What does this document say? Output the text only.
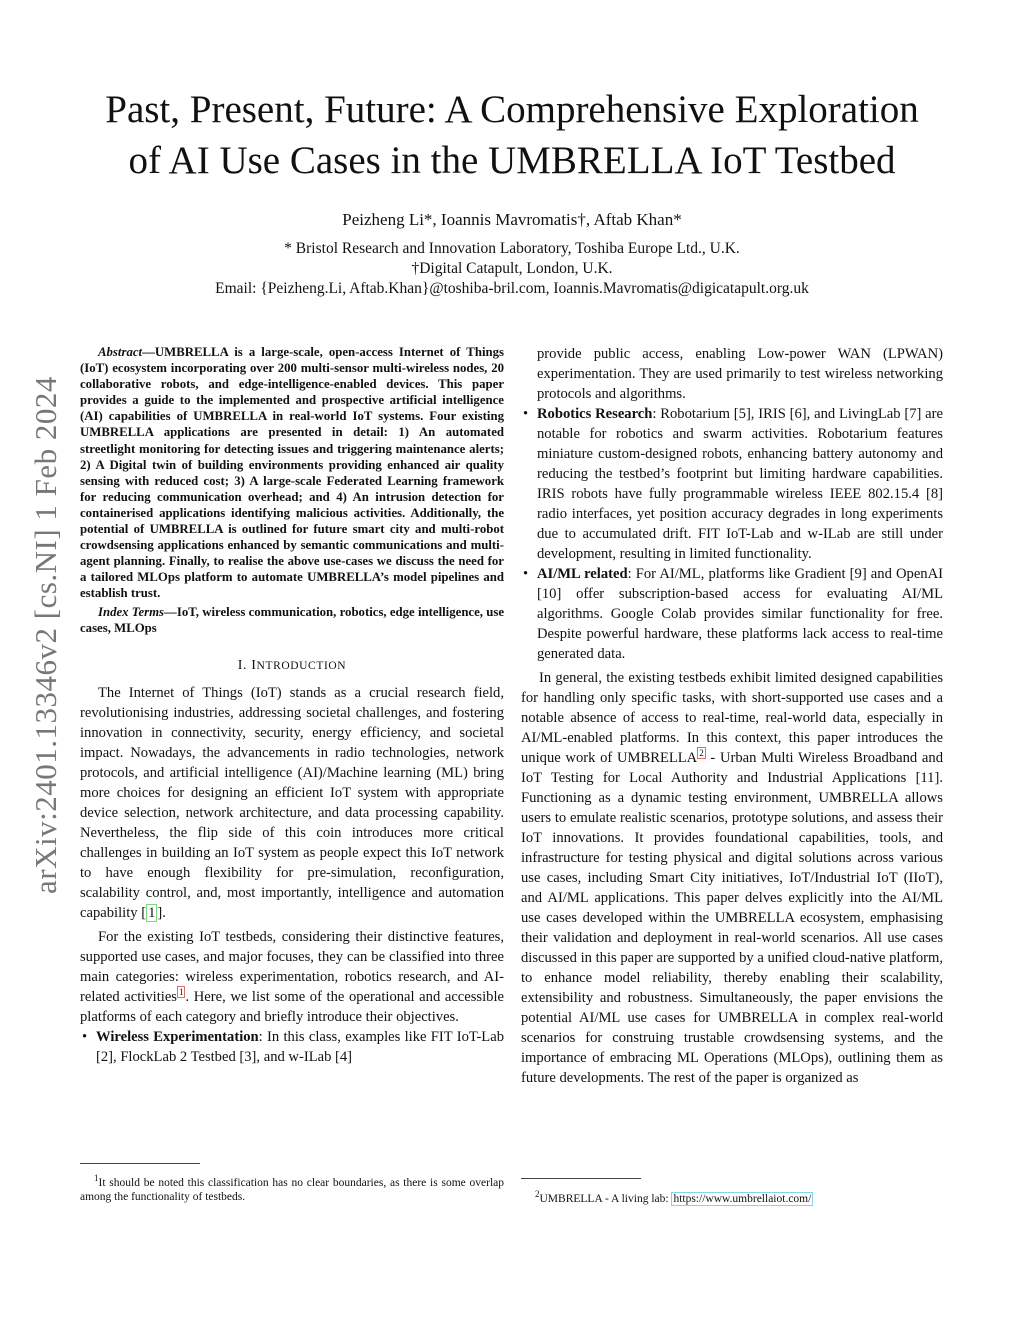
arXiv:2401.13346v2 [cs.NI] 1 Feb 2024
Past, Present, Future: A Comprehensive Exploration
of AI Use Cases in the UMBRELLA IoT Testbed
Peizheng Li*, Ioannis Mavromatis†, Aftab Khan*
* Bristol Research and Innovation Laboratory, Toshiba Europe Ltd., U.K.
†Digital Catapult, London, U.K.
Email: {Peizheng.Li, Aftab.Khan}@toshiba-bril.com, Ioannis.Mavromatis@digicatapult.org.uk

Abstract—UMBRELLA is a large-scale, open-access Internet of Things (IoT) ecosystem incorporating over 200 multi-sensor multi-wireless nodes, 20 collaborative robots, and edge-intelligence-enabled devices. This paper provides a guide to the implemented and prospective artificial intelligence (AI) capabilities of UMBRELLA in real-world IoT systems. Four existing UMBRELLA applications are presented in detail: 1) An automated streetlight monitoring for detecting issues and triggering maintenance alerts; 2) A Digital twin of building environments providing enhanced air quality sensing with reduced cost; 3) A large-scale Federated Learning framework for reducing communication overhead; and 4) An intrusion detection for containerised applications identifying malicious activities. Additionally, the potential of UMBRELLA is outlined for future smart city and multi-robot crowdsensing applications enhanced by semantic communications and multi-agent planning. Finally, to realise the above use-cases we discuss the need for a tailored MLOps platform to automate UMBRELLA’s model pipelines and establish trust.

Index Terms—IoT, wireless communication, robotics, edge intelligence, use cases, MLOps

I. INTRODUCTION

The Internet of Things (IoT) stands as a crucial research field, revolutionising industries, addressing societal challenges, and fostering innovation in connectivity, security, energy efficiency, and societal impact. Nowadays, the advancements in radio technologies, network protocols, and artificial intelligence (AI)/Machine learning (ML) bring more choices for designing an efficient IoT system with appropriate device selection, network architecture, and data processing capability. Nevertheless, the flip side of this coin introduces more critical challenges in building an IoT system as people expect this IoT network to have enough flexibility for pre-simulation, reconfiguration, scalability control, and, most importantly, intelligence and automation capability [ 1 ].

For the existing IoT testbeds, considering their distinctive features, supported use cases, and major focuses, they can be classified into three main categories: wireless experimentation, robotics research, and AI-related activities $^1$ . Here, we list some of the operational and accessible platforms of each category and briefly introduce their objectives.

• Wireless Experimentation: In this class, examples like FIT IoT-Lab [2], FlockLab 2 Testbed [3], and w-ILab [4]
$^1$It should be noted this classification has no clear boundaries, as there is some overlap among the functionality of testbeds.

provide public access, enabling Low-power WAN (LPWAN) experimentation. They are used primarily to test wireless networking protocols and algorithms.

• Robotics Research: Robotarium [5], IRIS [6], and LivingLab [7] are notable for robotics and swarm activities. Robotarium features miniature custom-designed robots, enhancing battery autonomy and reducing the testbed’s footprint but limiting hardware capabilities. IRIS robots have fully programmable wireless IEEE 802.15.4 [8] radio interfaces, yet position accuracy degrades in long experiments due to accumulated drift. FIT IoT-Lab and w-ILab are still under development, resulting in limited functionality.
• AI/ML related: For AI/ML, platforms like Gradient [9] and OpenAI [10] offer subscription-based access for evaluating AI/ML algorithms. Google Colab provides similar functionality for free. Despite powerful hardware, these platforms lack access to real-time generated data.

In general, the existing testbeds exhibit limited designed capabilities for handling only specific tasks, with short-supported use cases and a notable absence of access to real-time, real-world data, especially in AI/ML-enabled platforms. In this context, this paper introduces the unique work of UMBRELLA $^2$ - Urban Multi Wireless Broadband and IoT Testing for Local Authority and Industrial Applications [11]. Functioning as a dynamic testing environment, UMBRELLA allows users to emulate realistic scenarios, prototype solutions, and assess their IoT innovations. It provides foundational capabilities, tools, and infrastructure for testing physical and digital solutions across various use cases, including Smart City initiatives, IoT/Industrial IoT (IIoT), and AI/ML applications. This paper delves explicitly into the AI/ML use cases developed within the UMBRELLA ecosystem, emphasising their validation and deployment in real-world scenarios. All use cases discussed in this paper are supported by a unified cloud-native platform, to enhance model reliability, thereby enabling their scalability, extensibility and robustness. Simultaneously, the paper envisions the potential AI/ML use cases for UMBRELLA in complex real-world scenarios for construing trustable crowdsensing systems, and the importance of embracing ML Operations (MLOps), outlining them as future developments. The rest of the paper is organized as

$^2$UMBRELLA - A living lab: https://www.umbrellaiot.com/
